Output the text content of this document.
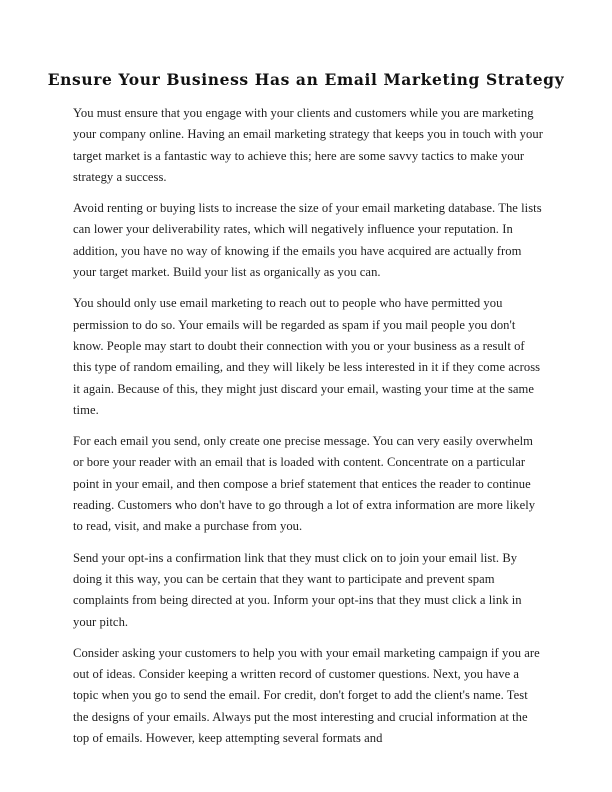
Ensure Your Business Has an Email Marketing Strategy

You must ensure that you engage with your clients and customers while you are marketing your company online. Having an email marketing strategy that keeps you in touch with your target market is a fantastic way to achieve this; here are some savvy tactics to make your strategy a success.

Avoid renting or buying lists to increase the size of your email marketing database. The lists can lower your deliverability rates, which will negatively influence your reputation. In addition, you have no way of knowing if the emails you have acquired are actually from your target market. Build your list as organically as you can.

You should only use email marketing to reach out to people who have permitted you permission to do so. Your emails will be regarded as spam if you mail people you don't know. People may start to doubt their connection with you or your business as a result of this type of random emailing, and they will likely be less interested in it if they come across it again. Because of this, they might just discard your email, wasting your time at the same time.

For each email you send, only create one precise message. You can very easily overwhelm or bore your reader with an email that is loaded with content. Concentrate on a particular point in your email, and then compose a brief statement that entices the reader to continue reading. Customers who don't have to go through a lot of extra information are more likely to read, visit, and make a purchase from you.

Send your opt-ins a confirmation link that they must click on to join your email list. By doing it this way, you can be certain that they want to participate and prevent spam complaints from being directed at you. Inform your opt-ins that they must click a link in your pitch.

Consider asking your customers to help you with your email marketing campaign if you are out of ideas. Consider keeping a written record of customer questions. Next, you have a topic when you go to send the email. For credit, don't forget to add the client's name. Test the designs of your emails. Always put the most interesting and crucial information at the top of emails. However, keep attempting several formats and
